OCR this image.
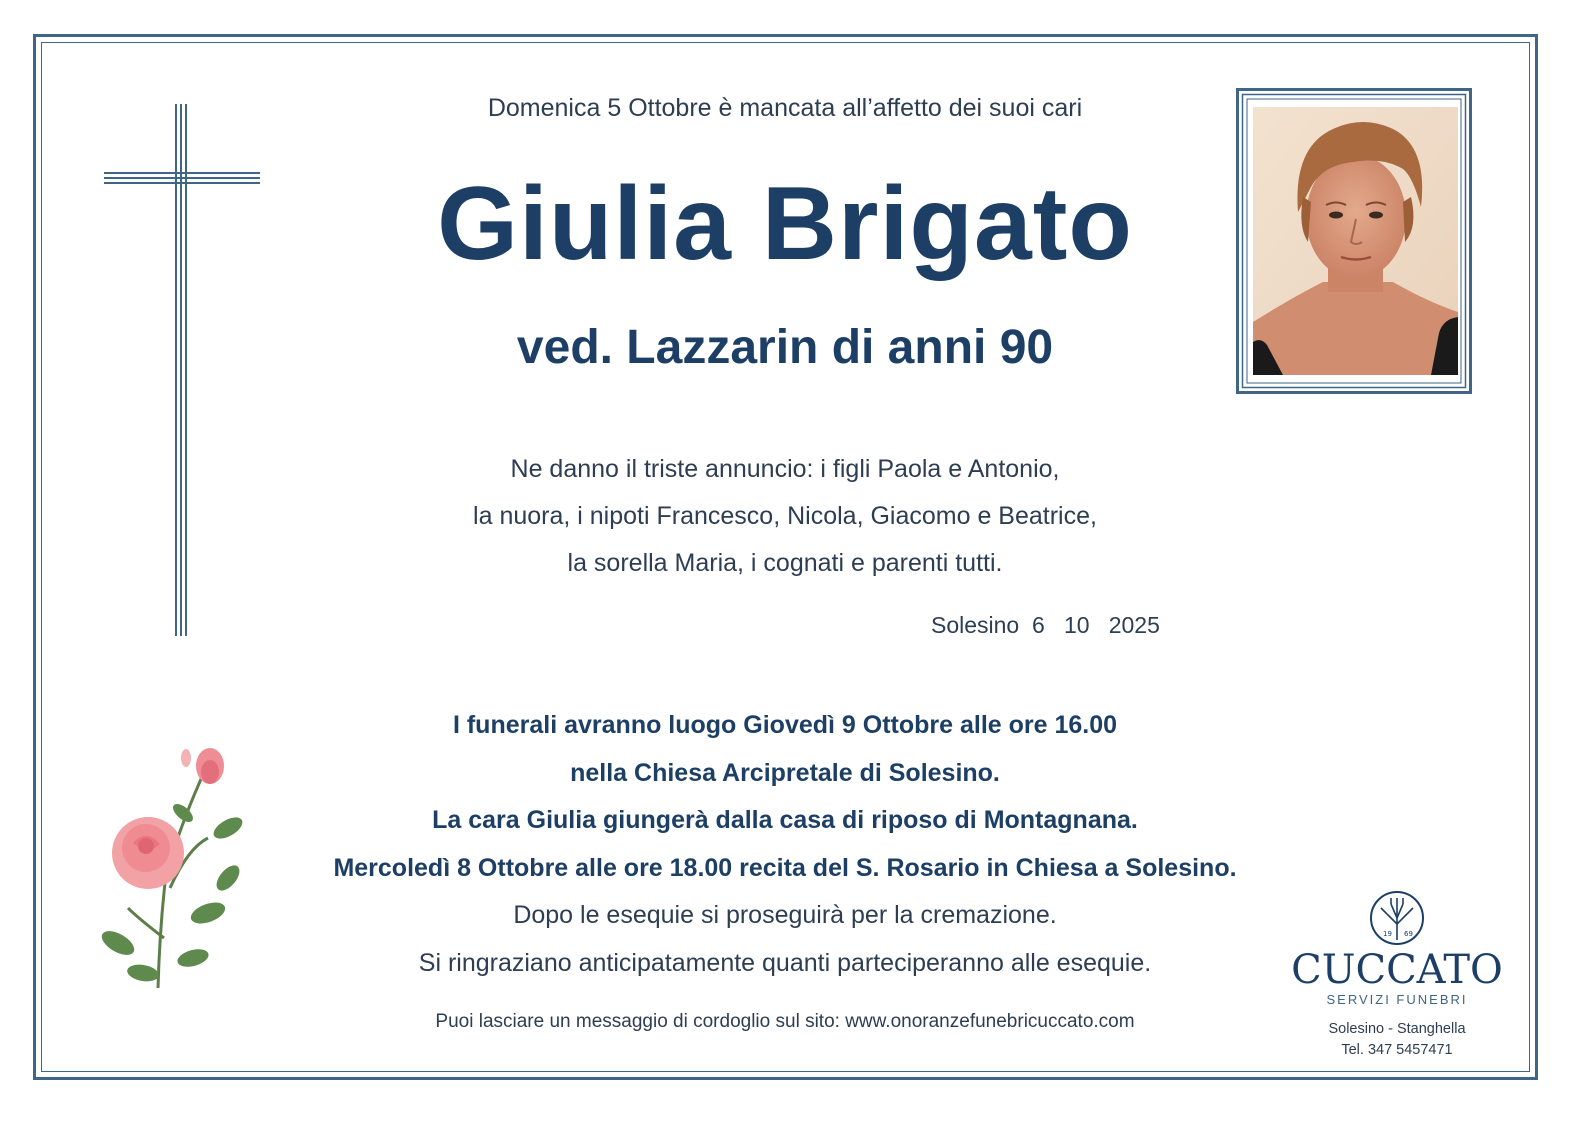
Domenica 5 Ottobre è mancata all’affetto dei suoi cari
Giulia Brigato
ved. Lazzarin di anni 90
Ne danno il triste annuncio: i figli Paola e Antonio,
la nuora, i nipoti Francesco, Nicola, Giacomo e Beatrice,
la sorella Maria, i cognati e parenti tutti.
Solesino  6   10   2025
I funerali avranno luogo Giovedì 9 Ottobre alle ore 16.00
nella Chiesa Arcipretale di Solesino.
La cara Giulia giungerà dalla casa di riposo di Montagnana.
Mercoledì 8 Ottobre alle ore 18.00 recita del S. Rosario in Chiesa a Solesino.
Dopo le esequie si proseguirà per la cremazione.
Si ringraziano anticipatamente quanti parteciperanno alle esequie.
Puoi lasciare un messaggio di cordoglio sul sito: www.onoranzefunebricuccato.com
19 69
CUCCATO
SERVIZI FUNEBRI
Solesino - Stanghella
Tel. 347 5457471
